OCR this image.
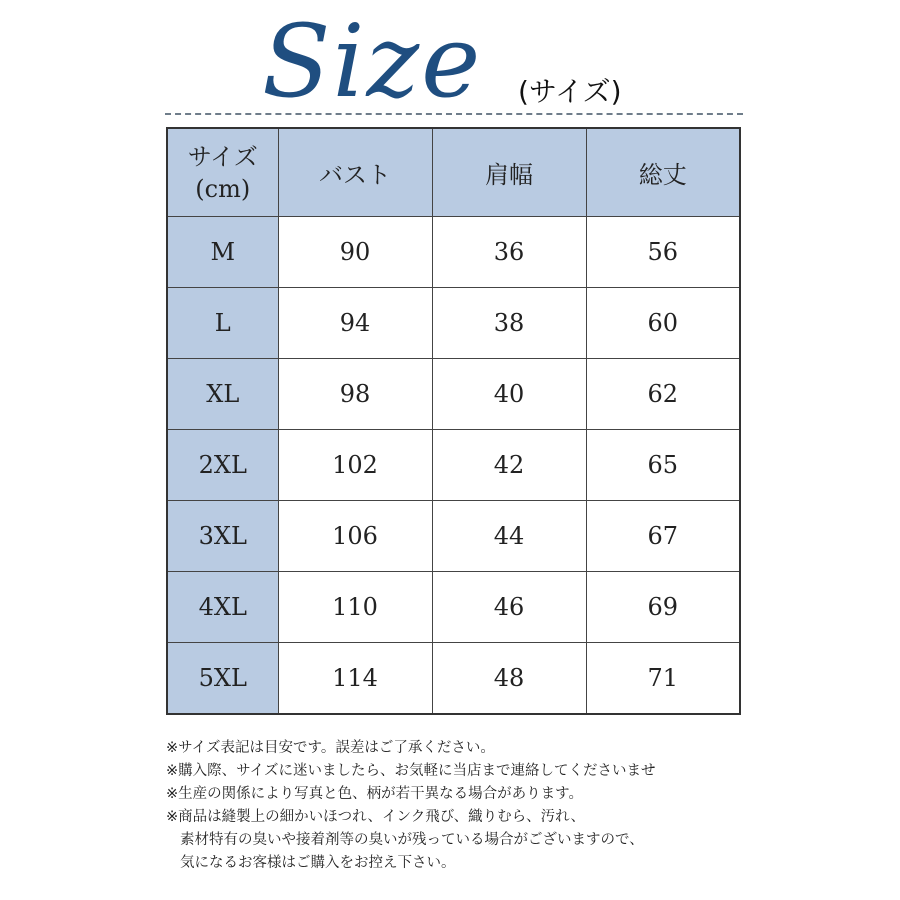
Size (サイズ)
サイズ
(cm)	バスト	肩幅	総丈
M	90	36	56
L	94	38	60
XL	98	40	62
2XL	102	42	65
3XL	106	44	67
4XL	110	46	69
5XL	114	48	71
※サイズ表記は目安です。誤差はご了承ください。
※購入際、サイズに迷いましたら、お気軽に当店まで連絡してくださいませ
※生産の関係により写真と色、柄が若干異なる場合があります。
※商品は縫製上の細かいほつれ、インク飛び、織りむら、汚れ、
素材特有の臭いや接着剤等の臭いが残っている場合がございますので、
気になるお客様はご購入をお控え下さい。
